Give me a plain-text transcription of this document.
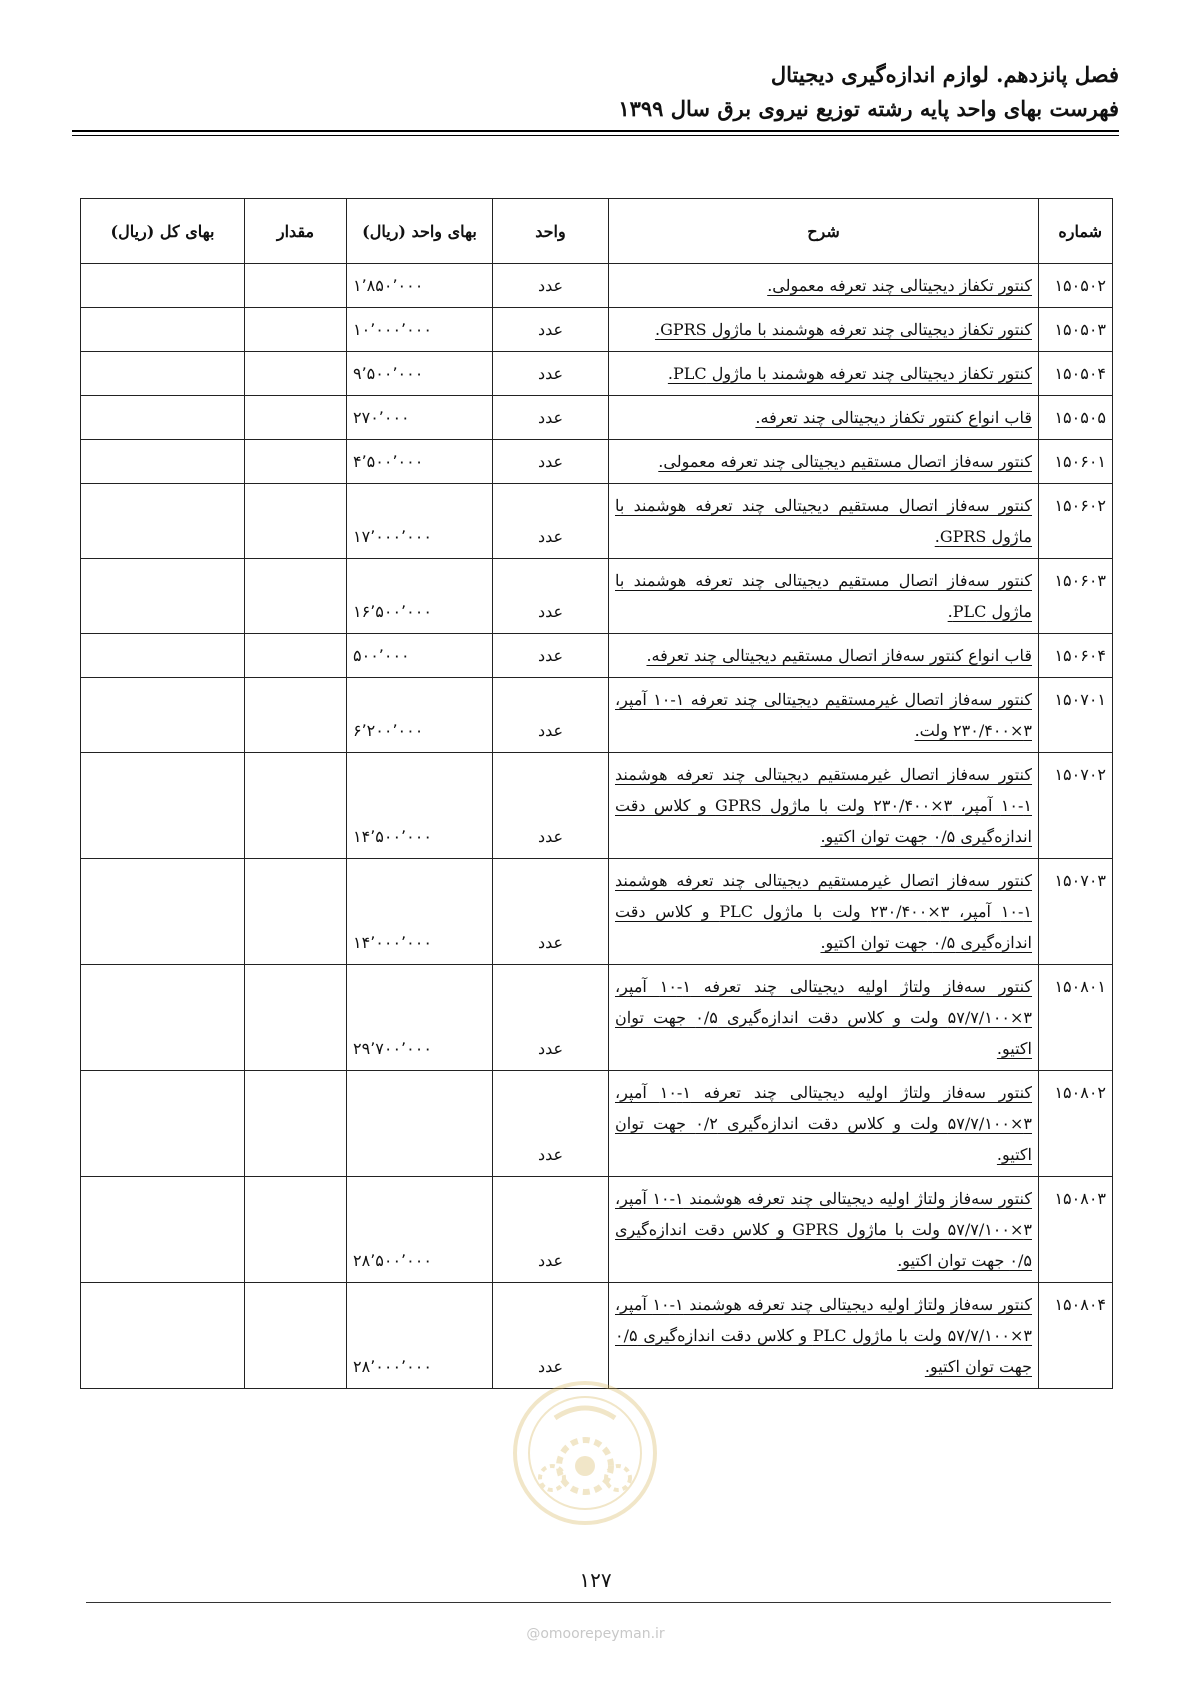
فصل پانزدهم. لوازم اندازه‌گیری دیجیتال
فهرست بهای واحد پایه رشته توزیع نیروی برق سال ۱۳۹۹
شماره	شرح	واحد	بهای واحد (ریال)	مقدار	بهای کل (ریال)
۱۵۰۵۰۲	کنتور تکفاز دیجیتالی چند تعرفه معمولی.	عدد	۱٬۸۵۰٬۰۰۰		
۱۵۰۵۰۳	کنتور تکفاز دیجیتالی چند تعرفه هوشمند با ماژول GPRS.	عدد	۱۰٬۰۰۰٬۰۰۰		
۱۵۰۵۰۴	کنتور تکفاز دیجیتالی چند تعرفه هوشمند با ماژول PLC.	عدد	۹٬۵۰۰٬۰۰۰		
۱۵۰۵۰۵	قاب انواع کنتور تکفاز دیجیتالی چند تعرفه.	عدد	۲۷۰٬۰۰۰		
۱۵۰۶۰۱	کنتور سه‌فاز اتصال مستقیم دیجیتالی چند تعرفه معمولی.	عدد	۴٬۵۰۰٬۰۰۰		
۱۵۰۶۰۲	کنتور سه‌فاز اتصال مستقیم دیجیتالی چند تعرفه هوشمند با ماژول GPRS.	عدد	۱۷٬۰۰۰٬۰۰۰		
۱۵۰۶۰۳	کنتور سه‌فاز اتصال مستقیم دیجیتالی چند تعرفه هوشمند با ماژول PLC.	عدد	۱۶٬۵۰۰٬۰۰۰		
۱۵۰۶۰۴	قاب انواع کنتور سه‌فاز اتصال مستقیم دیجیتالی چند تعرفه.	عدد	۵۰۰٬۰۰۰		
۱۵۰۷۰۱	کنتور سه‌فاز اتصال غیرمستقیم دیجیتالی چند تعرفه ۱-۱۰ آمپر، ۳×۲۳۰/۴۰۰ ولت.	عدد	۶٬۲۰۰٬۰۰۰		
۱۵۰۷۰۲	کنتور سه‌فاز اتصال غیرمستقیم دیجیتالی چند تعرفه هوشمند ۱-۱۰ آمپر، ۳×۲۳۰/۴۰۰ ولت با ماژول GPRS و کلاس دقت اندازه‌گیری ۰/۵ جهت توان اکتیو.	عدد	۱۴٬۵۰۰٬۰۰۰		
۱۵۰۷۰۳	کنتور سه‌فاز اتصال غیرمستقیم دیجیتالی چند تعرفه هوشمند ۱-۱۰ آمپر، ۳×۲۳۰/۴۰۰ ولت با ماژول PLC و کلاس دقت اندازه‌گیری ۰/۵ جهت توان اکتیو.	عدد	۱۴٬۰۰۰٬۰۰۰		
۱۵۰۸۰۱	کنتور سه‌فاز ولتاژ اولیه دیجیتالی چند تعرفه ۱-۱۰ آمپر، ۳×۵۷/۷/۱۰۰ ولت و کلاس دقت اندازه‌گیری ۰/۵ جهت توان اکتیو.	عدد	۲۹٬۷۰۰٬۰۰۰		
۱۵۰۸۰۲	کنتور سه‌فاز ولتاژ اولیه دیجیتالی چند تعرفه ۱-۱۰ آمپر، ۳×۵۷/۷/۱۰۰ ولت و کلاس دقت اندازه‌گیری ۰/۲ جهت توان اکتیو.	عدد			
۱۵۰۸۰۳	کنتور سه‌فاز ولتاژ اولیه دیجیتالی چند تعرفه هوشمند ۱-۱۰ آمپر، ۳×۵۷/۷/۱۰۰ ولت با ماژول GPRS و کلاس دقت اندازه‌گیری ۰/۵ جهت توان اکتیو.	عدد	۲۸٬۵۰۰٬۰۰۰		
۱۵۰۸۰۴	کنتور سه‌فاز ولتاژ اولیه دیجیتالی چند تعرفه هوشمند ۱-۱۰ آمپر، ۳×۵۷/۷/۱۰۰ ولت با ماژول PLC و کلاس دقت اندازه‌گیری ۰/۵ جهت توان اکتیو.	عدد	۲۸٬۰۰۰٬۰۰۰		
۱۲۷
@omoorepeyman.ir
